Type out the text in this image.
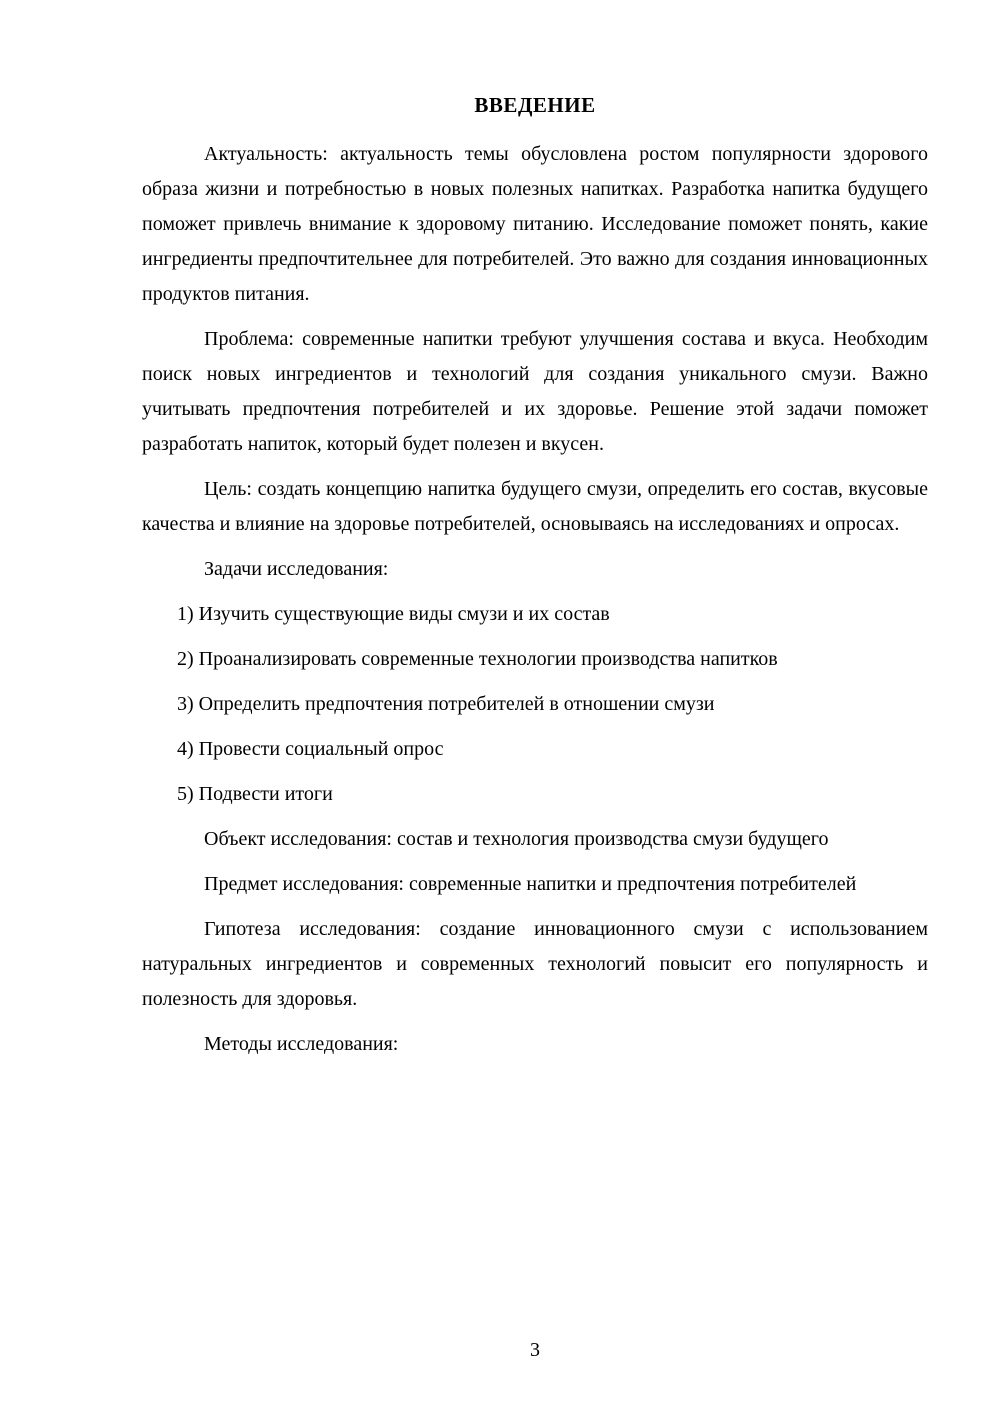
ВВЕДЕНИЕ

Актуальность: актуальность темы обусловлена ростом популярности здорового образа жизни и потребностью в новых полезных напитках. Разработка напитка будущего поможет привлечь внимание к здоровому питанию. Исследование поможет понять, какие ингредиенты предпочтительнее для потребителей. Это важно для создания инновационных продуктов питания.

Проблема: современные напитки требуют улучшения состава и вкуса. Необходим поиск новых ингредиентов и технологий для создания уникального смузи. Важно учитывать предпочтения потребителей и их здоровье. Решение этой задачи поможет разработать напиток, который будет полезен и вкусен.

Цель: создать концепцию напитка будущего смузи, определить его состав, вкусовые качества и влияние на здоровье потребителей, основываясь на исследованиях и опросах.

Задачи исследования:

1) Изучить существующие виды смузи и их состав

2) Проанализировать современные технологии производства напитков

3) Определить предпочтения потребителей в отношении смузи

4) Провести социальный опрос

5) Подвести итоги

Объект исследования: состав и технология производства смузи будущего

Предмет исследования: современные напитки и предпочтения потребителей

Гипотеза исследования: создание инновационного смузи с использованием натуральных ингредиентов и современных технологий повысит его популярность и полезность для здоровья.

Методы исследования:

3
